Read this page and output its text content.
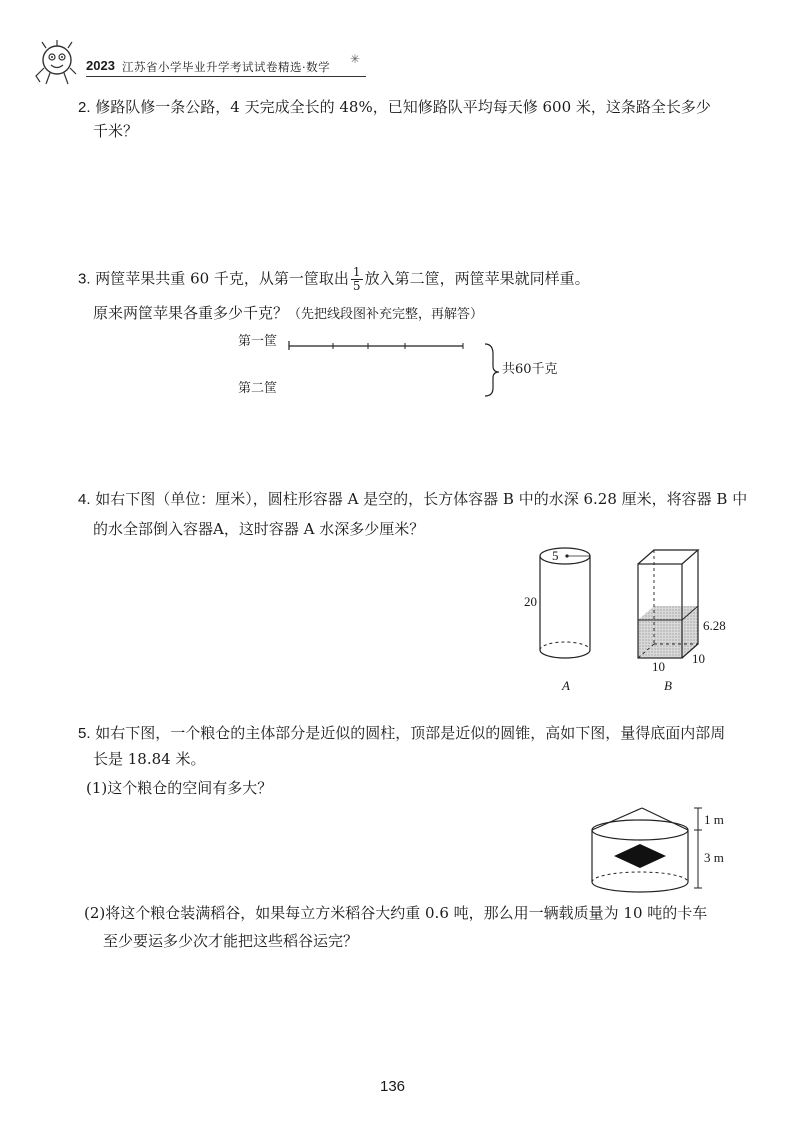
2023 江苏省小学毕业升学考试试卷精选·数学
✳
2. 修路队修一条公路，4 天完成全长的 48%，已知修路队平均每天修 600 米，这条路全长多少
千米？
3. 两筐苹果共重 60 千克，从第一筐取出 $\frac{1}{5}$ 放入第二筐，两筐苹果就同样重。
原来两筐苹果各重多少千克？（先把线段图补充完整，再解答）
第一筐
第二筐
共60千克
4. 如右下图（单位：厘米），圆柱形容器 A 是空的，长方体容器 B 中的水深 6.28 厘米，将容器 B 中
的水全部倒入容器A，这时容器 A 水深多少厘米？
5
20
A
6.28
10
10
B
5. 如右下图，一个粮仓的主体部分是近似的圆柱，顶部是近似的圆锥，高如下图，量得底面内部周
长是 18.84 米。
(1)这个粮仓的空间有多大？
1 m
3 m
(2)将这个粮仓装满稻谷，如果每立方米稻谷大约重 0.6 吨，那么用一辆载质量为 10 吨的卡车
至少要运多少次才能把这些稻谷运完？
136
